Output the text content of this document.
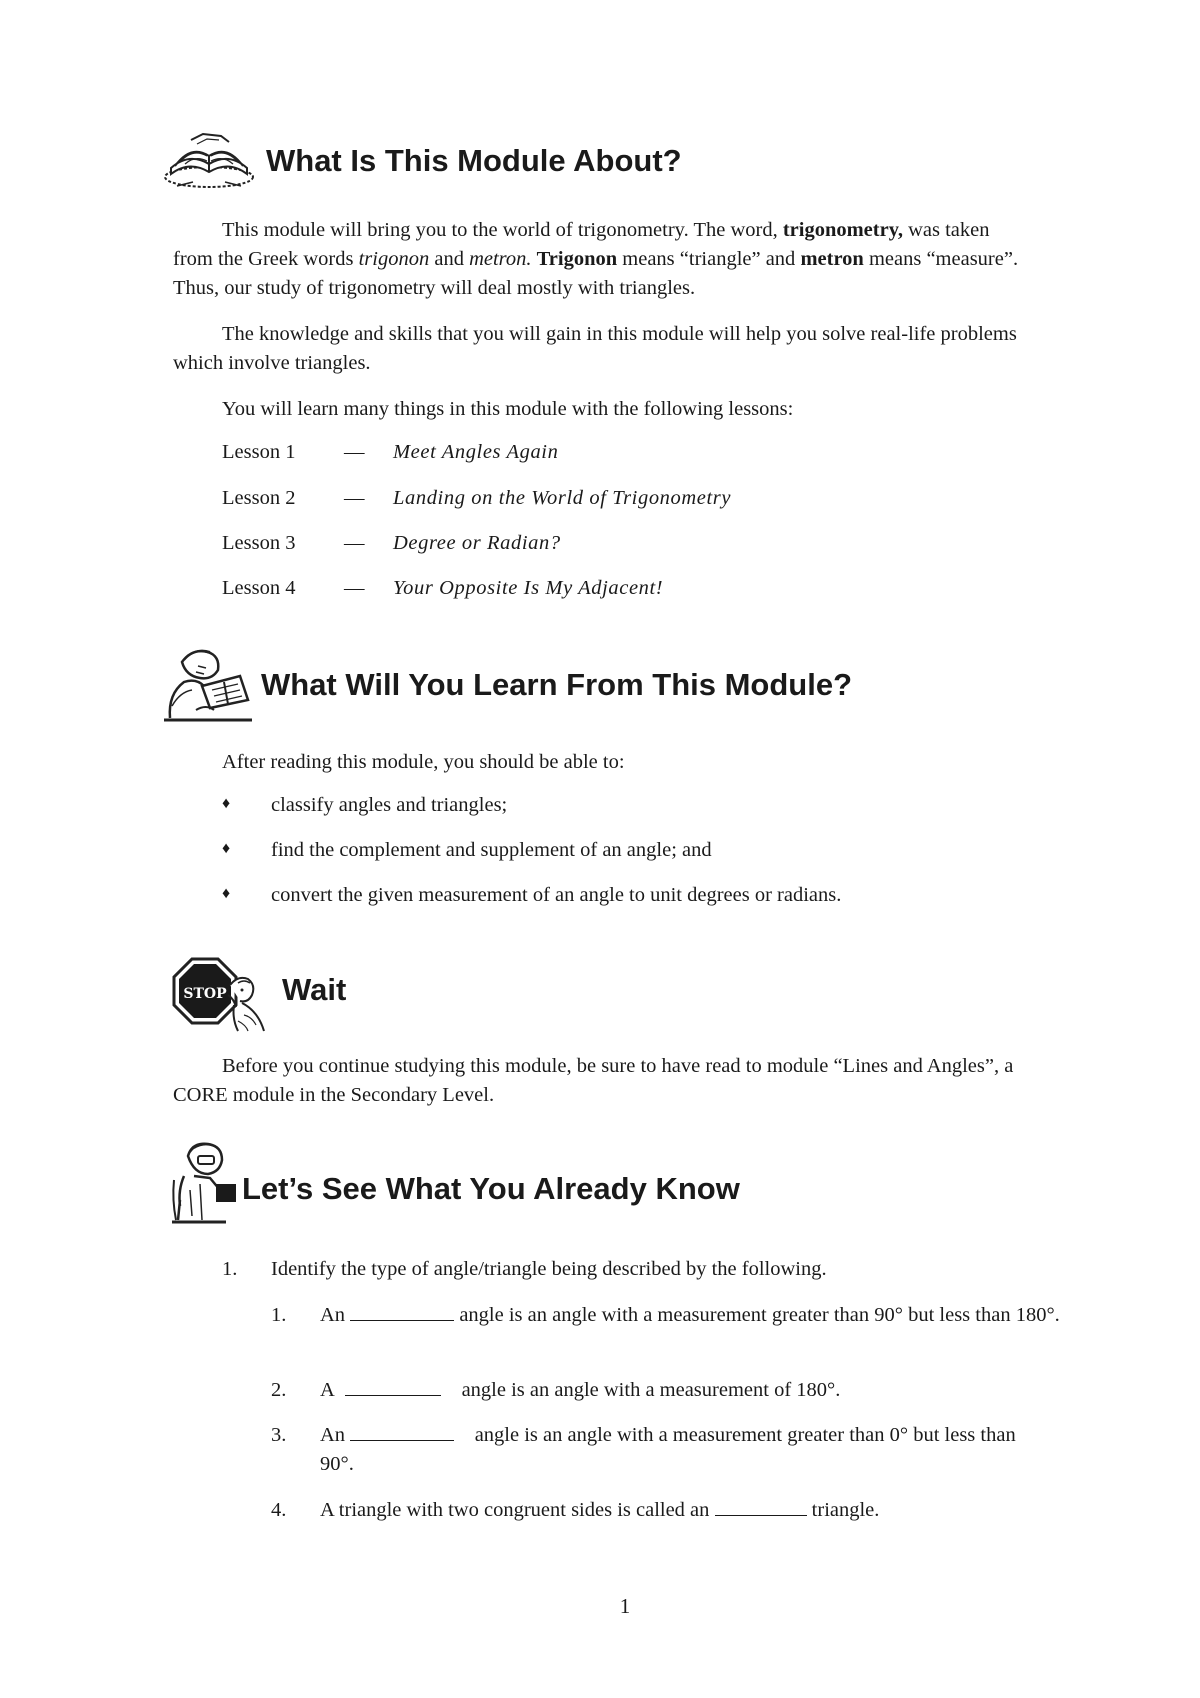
What Is This Module About?

This module will bring you to the world of trigonometry. The word, trigonometry, was taken from the Greek words trigonon and metron. Trigonon means “triangle” and metron means “measure”. Thus, our study of trigonometry will deal mostly with triangles.

The knowledge and skills that you will gain in this module will help you solve real-life problems which involve triangles.

You will learn many things in this module with the following lessons:

Lesson 1 — Meet Angles Again
Lesson 2 — Landing on the World of Trigonometry
Lesson 3 — Degree or Radian?
Lesson 4 — Your Opposite Is My Adjacent!
What Will You Learn From This Module?

After reading this module, you should be able to:

♦ classify angles and triangles;
♦ find the complement and supplement of an angle; and
♦ convert the given measurement of an angle to unit degrees or radians.
STOP Wait

Before you continue studying this module, be sure to have read to module “Lines and Angles”, a CORE module in the Secondary Level.

Let’s See What You Already Know
1. Identify the type of angle/triangle being described by the following.
1. An	angle is an angle with a measurement greater than 90° but less than 180°.
2. A	angle is an angle with a measurement of 180°.
3. An	angle is an angle with a measurement greater than 0° but less than 90°.
4. A triangle with two congruent sides is called an	triangle.
1
